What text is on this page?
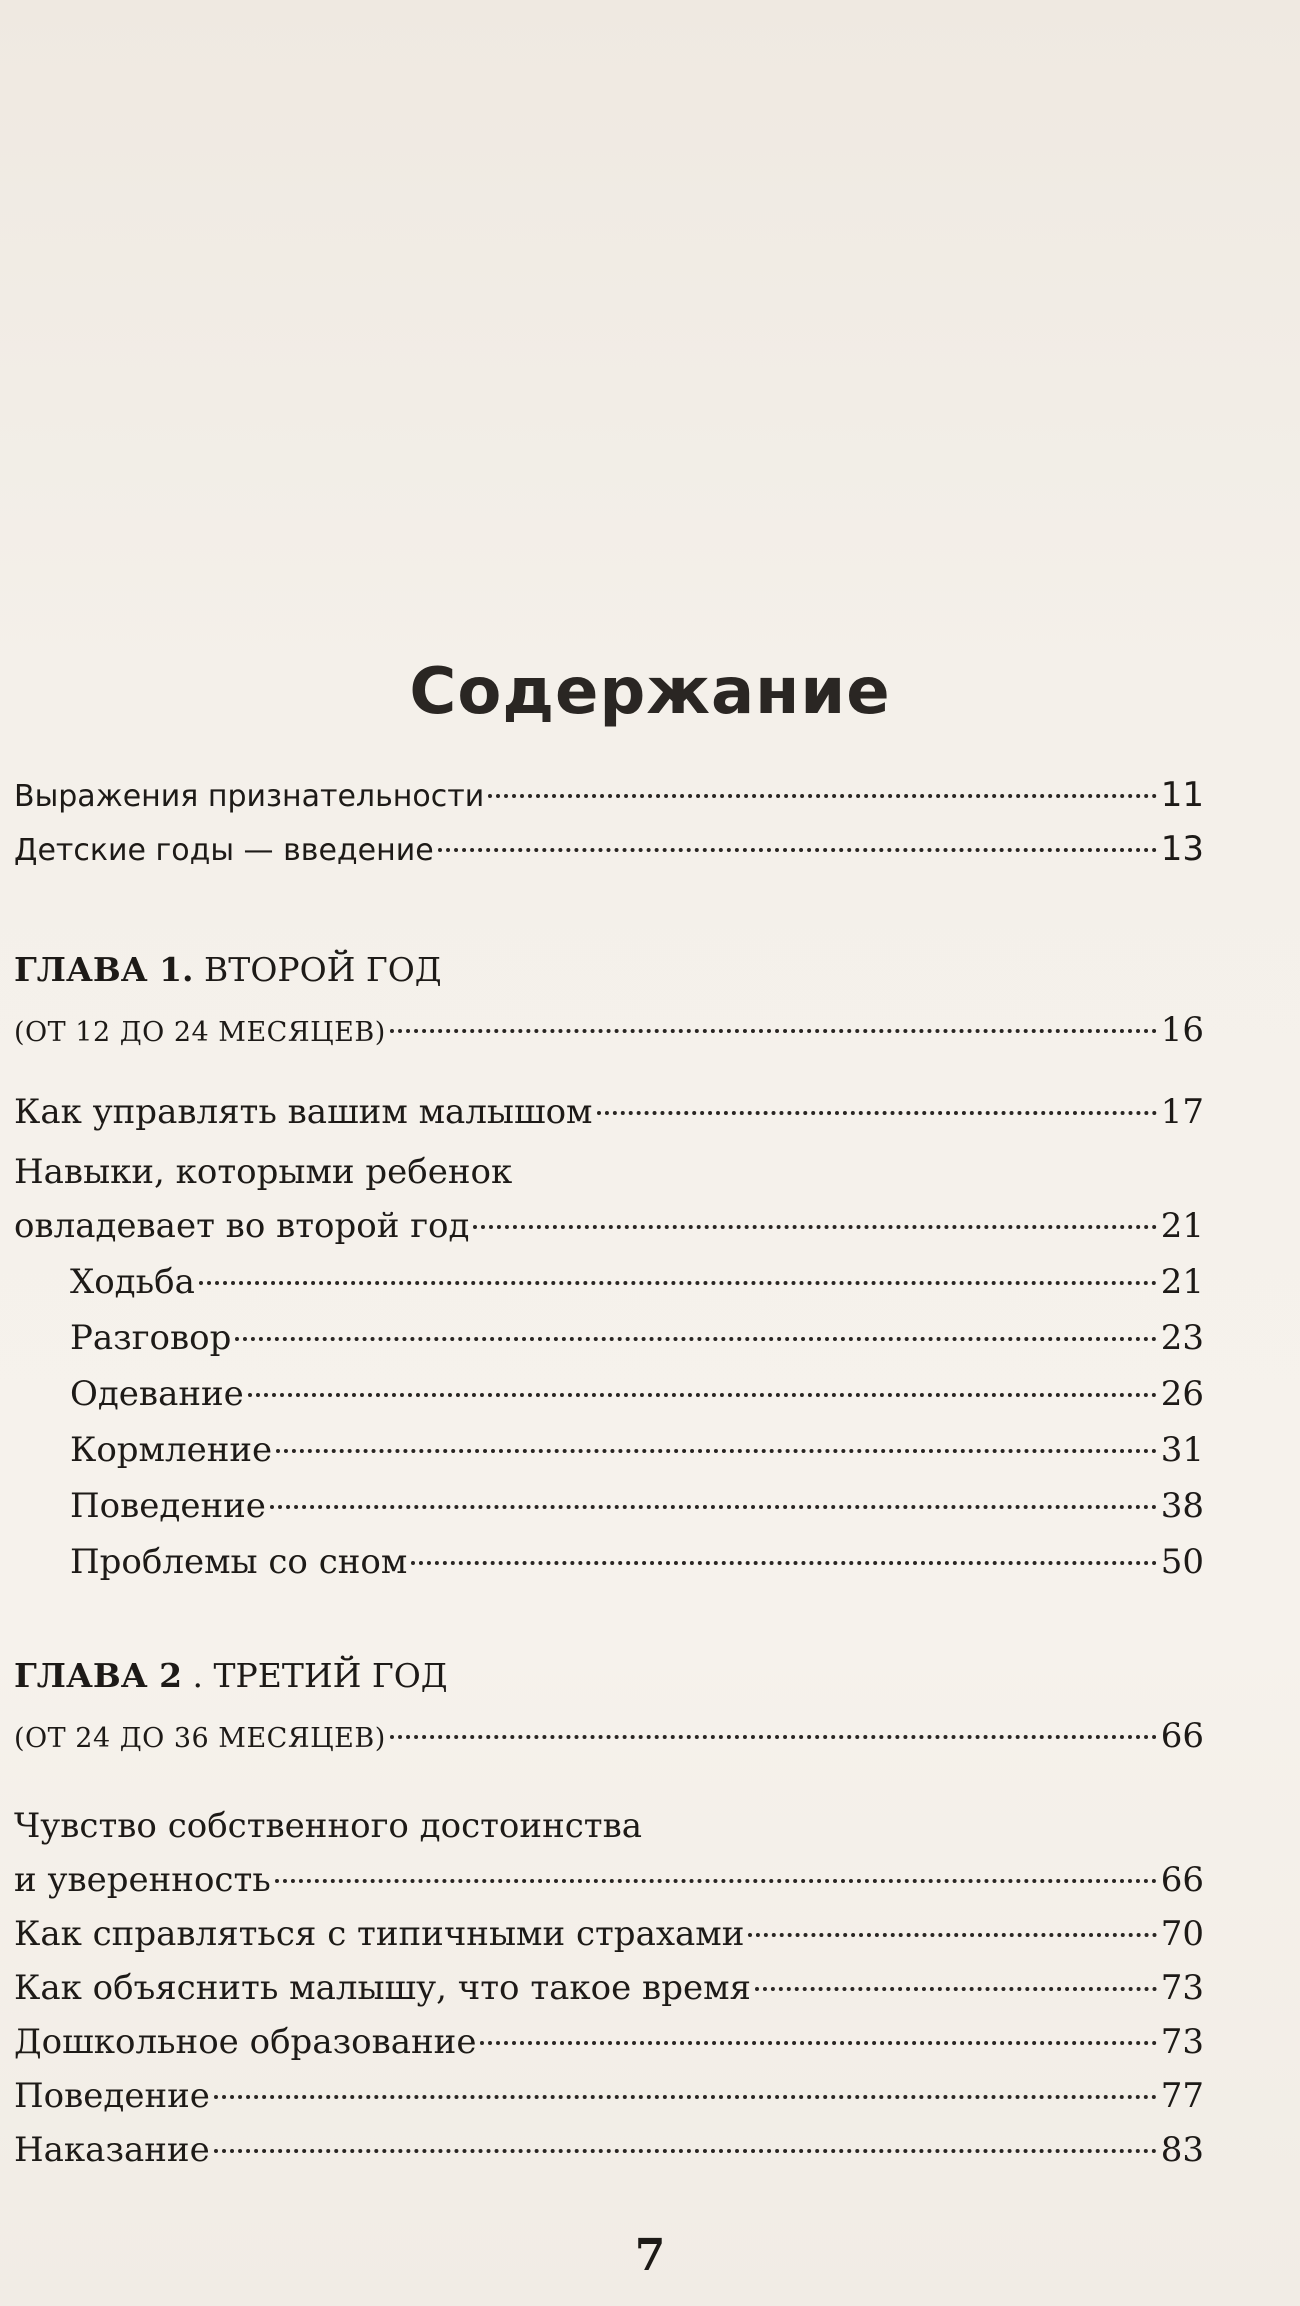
Содержание
Выражения признательности	11
Детские годы — введение	13
ГЛАВА 1. ВТОРОЙ ГОД
(ОТ 12 ДО 24 МЕСЯЦЕВ)	16
Как управлять вашим малышом	17
Навыки, которыми ребенок
овладевает во второй год	21
Ходьба	21
Разговор	23
Одевание	26
Кормление	31
Поведение	38
Проблемы со сном	50
ГЛАВА 2 . ТРЕТИЙ ГОД
(ОТ 24 ДО 36 МЕСЯЦЕВ)	66
Чувство собственного достоинства
и уверенность	66
Как справляться с типичными страхами	70
Как объяснить малышу, что такое время	73
Дошкольное образование	73
Поведение	77
Наказание	83
7
